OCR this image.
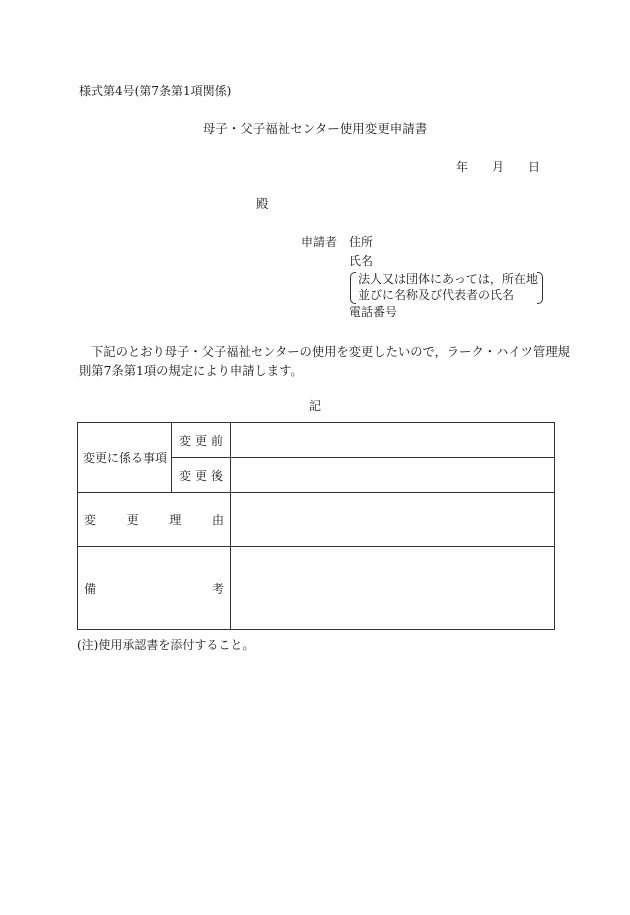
様式第4号(第7条第1項関係)
母子・父子福祉センター使用変更申請書
年 月 日
殿
申請者 住所
氏名
法人又は団体にあっては，所在地
並びに名称及び代表者の氏名
電話番号
下記のとおり母子・父子福祉センターの使用を変更したいので，ラーク・ハイツ管理規
則第7条第1項の規定により申請します。
記
変更に係る事項	変 更 前	

	変 更 後	

変 更 理 由		

備 考		

(注)使用承認書を添付すること。
